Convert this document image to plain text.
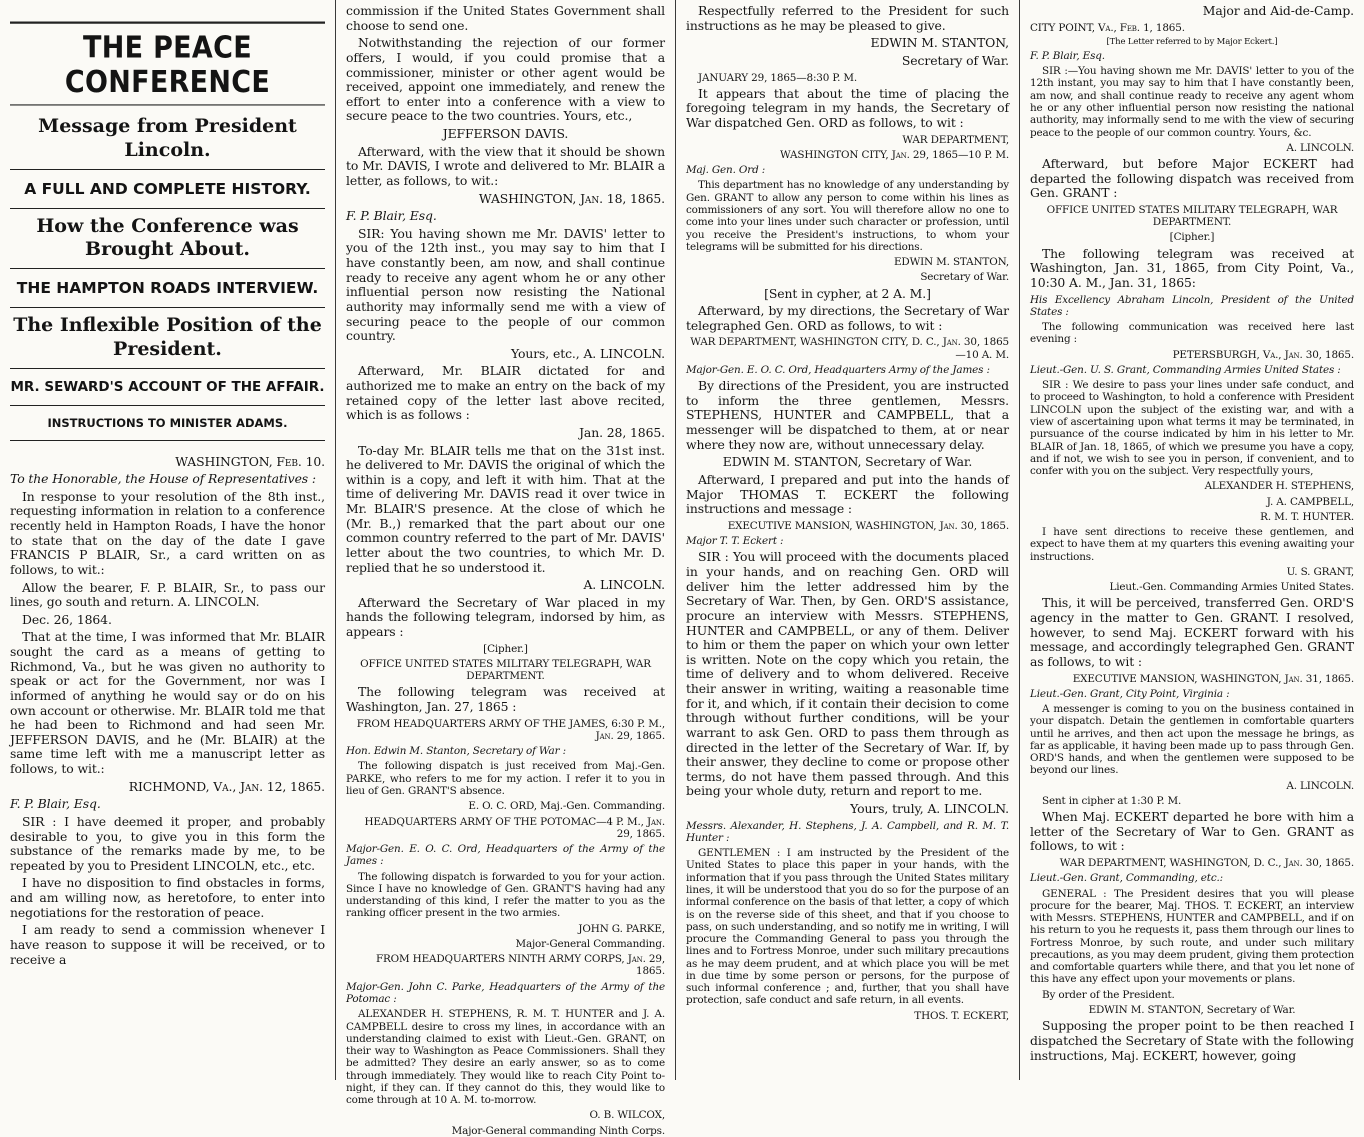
THE PEACE CONFERENCE
Message from President Lincoln.
A FULL AND COMPLETE HISTORY.
How the Conference was Brought About.
THE HAMPTON ROADS INTERVIEW.
The Inflexible Position of the President.
MR. SEWARD'S ACCOUNT OF THE AFFAIR.
INSTRUCTIONS TO MINISTER ADAMS.

WASHINGTON, Feb. 10.

To the Honorable, the House of Representatives :

In response to your resolution of the 8th inst., requesting information in relation to a conference recently held in Hampton Roads, I have the honor to state that on the day of the date I gave FRANCIS P BLAIR, Sr., a card written on as follows, to wit.:

Allow the bearer, F. P. BLAIR, Sr., to pass our lines, go south and return. A. LINCOLN.

Dec. 26, 1864.

That at the time, I was informed that Mr. BLAIR sought the card as a means of getting to Richmond, Va., but he was given no authority to speak or act for the Government, nor was I informed of anything he would say or do on his own account or otherwise. Mr. BLAIR told me that he had been to Richmond and had seen Mr. JEFFERSON DAVIS, and he (Mr. BLAIR) at the same time left with me a manuscript letter as follows, to wit.:

RICHMOND, Va., Jan. 12, 1865.

F. P. Blair, Esq.

SIR : I have deemed it proper, and probably desirable to you, to give you in this form the substance of the remarks made by me, to be repeated by you to President LINCOLN, etc., etc.

I have no disposition to find obstacles in forms, and am willing now, as heretofore, to enter into negotiations for the restoration of peace.

I am ready to send a commission whenever I have reason to suppose it will be received, or to receive a

commission if the United States Government shall choose to send one.

Notwithstanding the rejection of our former offers, I would, if you could promise that a commissioner, minister or other agent would be received, appoint one immediately, and renew the effort to enter into a conference with a view to secure peace to the two countries. Yours, etc.,

JEFFERSON DAVIS.

Afterward, with the view that it should be shown to Mr. DAVIS, I wrote and delivered to Mr. BLAIR a letter, as follows, to wit.:

WASHINGTON, Jan. 18, 1865.

F. P. Blair, Esq.

SIR: You having shown me Mr. DAVIS' letter to you of the 12th inst., you may say to him that I have constantly been, am now, and shall continue ready to receive any agent whom he or any other influential person now resisting the National authority may informally send me with a view of securing peace to the people of our common country.

Yours, etc., A. LINCOLN.

Afterward, Mr. BLAIR dictated for and authorized me to make an entry on the back of my retained copy of the letter last above recited, which is as follows :

Jan. 28, 1865.

To-day Mr. BLAIR tells me that on the 31st inst. he delivered to Mr. DAVIS the original of which the within is a copy, and left it with him. That at the time of delivering Mr. DAVIS read it over twice in Mr. BLAIR'S presence. At the close of which he (Mr. B.,) remarked that the part about our one common country referred to the part of Mr. DAVIS' letter about the two countries, to which Mr. D. replied that he so understood it.

A. LINCOLN.

Afterward the Secretary of War placed in my hands the following telegram, indorsed by him, as appears :

[Cipher.]

OFFICE UNITED STATES MILITARY TELEGRAPH, WAR DEPARTMENT.

The following telegram was received at Washington, Jan. 27, 1865 :

FROM HEADQUARTERS ARMY OF THE JAMES, 6:30 P. M., Jan. 29, 1865.

Hon. Edwin M. Stanton, Secretary of War :

The following dispatch is just received from Maj.-Gen. PARKE, who refers to me for my action. I refer it to you in lieu of Gen. GRANT'S absence.

E. O. C. ORD, Maj.-Gen. Commanding.

HEADQUARTERS ARMY OF THE POTOMAC—4 P. M., Jan. 29, 1865.

Major-Gen. E. O. C. Ord, Headquarters of the Army of the James :

The following dispatch is forwarded to you for your action. Since I have no knowledge of Gen. GRANT'S having had any understanding of this kind, I refer the matter to you as the ranking officer present in the two armies.

JOHN G. PARKE,

Major-General Commanding.

FROM HEADQUARTERS NINTH ARMY CORPS, Jan. 29, 1865.

Major-Gen. John C. Parke, Headquarters of the Army of the Potomac :

ALEXANDER H. STEPHENS, R. M. T. HUNTER and J. A. CAMPBELL desire to cross my lines, in accordance with an understanding claimed to exist with Lieut.-Gen. GRANT, on their way to Washington as Peace Commissioners. Shall they be admitted? They desire an early answer, so as to come through immediately. They would like to reach City Point to-night, if they can. If they cannot do this, they would like to come through at 10 A. M. to-morrow.

O. B. WILCOX,

Major-General commanding Ninth Corps.

Respectfully referred to the President for such instructions as he may be pleased to give.

EDWIN M. STANTON,

Secretary of War.

JANUARY 29, 1865—8:30 P. M.

It appears that about the time of placing the foregoing telegram in my hands, the Secretary of War dispatched Gen. ORD as follows, to wit :

WAR DEPARTMENT,

WASHINGTON CITY, Jan. 29, 1865—10 P. M.

Maj. Gen. Ord :

This department has no knowledge of any understanding by Gen. GRANT to allow any person to come within his lines as commissioners of any sort. You will therefore allow no one to come into your lines under such character or profession, until you receive the President's instructions, to whom your telegrams will be submitted for his directions.

EDWIN M. STANTON,

Secretary of War.

[Sent in cypher, at 2 A. M.]

Afterward, by my directions, the Secretary of War telegraphed Gen. ORD as follows, to wit :

WAR DEPARTMENT, WASHINGTON CITY, D. C., Jan. 30, 1865—10 A. M.

Major-Gen. E. O. C. Ord, Headquarters Army of the James :

By directions of the President, you are instructed to inform the three gentlemen, Messrs. STEPHENS, HUNTER and CAMPBELL, that a messenger will be dispatched to them, at or near where they now are, without unnecessary delay.

EDWIN M. STANTON, Secretary of War.

Afterward, I prepared and put into the hands of Major THOMAS T. ECKERT the following instructions and message :

EXECUTIVE MANSION, WASHINGTON, Jan. 30, 1865.

Major T. T. Eckert :

SIR : You will proceed with the documents placed in your hands, and on reaching Gen. ORD will deliver him the letter addressed him by the Secretary of War. Then, by Gen. ORD'S assistance, procure an interview with Messrs. STEPHENS, HUNTER and CAMPBELL, or any of them. Deliver to him or them the paper on which your own letter is written. Note on the copy which you retain, the time of delivery and to whom delivered. Receive their answer in writing, waiting a reasonable time for it, and which, if it contain their decision to come through without further conditions, will be your warrant to ask Gen. ORD to pass them through as directed in the letter of the Secretary of War. If, by their answer, they decline to come or propose other terms, do not have them passed through. And this being your whole duty, return and report to me.

Yours, truly, A. LINCOLN.

Messrs. Alexander, H. Stephens, J. A. Campbell, and R. M. T. Hunter :

GENTLEMEN : I am instructed by the President of the United States to place this paper in your hands, with the information that if you pass through the United States military lines, it will be understood that you do so for the purpose of an informal conference on the basis of that letter, a copy of which is on the reverse side of this sheet, and that if you choose to pass, on such understanding, and so notify me in writing, I will procure the Commanding General to pass you through the lines and to Fortress Monroe, under such military precautions as he may deem prudent, and at which place you will be met in due time by some person or persons, for the purpose of such informal conference ; and, further, that you shall have protection, safe conduct and safe return, in all events.

THOS. T. ECKERT,

Major and Aid-de-Camp.

CITY POINT, Va., Feb. 1, 1865.

[The Letter referred to by Major Eckert.]

F. P. Blair, Esq.

SIR :—You having shown me Mr. DAVIS' letter to you of the 12th instant, you may say to him that I have constantly been, am now, and shall continue ready to receive any agent whom he or any other influential person now resisting the national authority, may informally send to me with the view of securing peace to the people of our common country. Yours, &c.

A. LINCOLN.

Afterward, but before Major ECKERT had departed the following dispatch was received from Gen. GRANT :

OFFICE UNITED STATES MILITARY TELEGRAPH, WAR DEPARTMENT.

[Cipher.]

The following telegram was received at Washington, Jan. 31, 1865, from City Point, Va., 10:30 A. M., Jan. 31, 1865:

His Excellency Abraham Lincoln, President of the United States :

The following communication was received here last evening :

PETERSBURGH, Va., Jan. 30, 1865.

Lieut.-Gen. U. S. Grant, Commanding Armies United States :

SIR : We desire to pass your lines under safe conduct, and to proceed to Washington, to hold a conference with President LINCOLN upon the subject of the existing war, and with a view of ascertaining upon what terms it may be terminated, in pursuance of the course indicated by him in his letter to Mr. BLAIR of Jan. 18, 1865, of which we presume you have a copy, and if not, we wish to see you in person, if convenient, and to confer with you on the subject. Very respectfully yours,

ALEXANDER H. STEPHENS,

J. A. CAMPBELL,

R. M. T. HUNTER.

I have sent directions to receive these gentlemen, and expect to have them at my quarters this evening awaiting your instructions.

U. S. GRANT,

Lieut.-Gen. Commanding Armies United States.

This, it will be perceived, transferred Gen. ORD'S agency in the matter to Gen. GRANT. I resolved, however, to send Maj. ECKERT forward with his message, and accordingly telegraphed Gen. GRANT as follows, to wit :

EXECUTIVE MANSION, WASHINGTON, Jan. 31, 1865.

Lieut.-Gen. Grant, City Point, Virginia :

A messenger is coming to you on the business contained in your dispatch. Detain the gentlemen in comfortable quarters until he arrives, and then act upon the message he brings, as far as applicable, it having been made up to pass through Gen. ORD'S hands, and when the gentlemen were supposed to be beyond our lines.

A. LINCOLN.

Sent in cipher at 1:30 P. M.

When Maj. ECKERT departed he bore with him a letter of the Secretary of War to Gen. GRANT as follows, to wit :

WAR DEPARTMENT, WASHINGTON, D. C., Jan. 30, 1865.

Lieut.-Gen. Grant, Commanding, etc.:

GENERAL : The President desires that you will please procure for the bearer, Maj. THOS. T. ECKERT, an interview with Messrs. STEPHENS, HUNTER and CAMPBELL, and if on his return to you he requests it, pass them through our lines to Fortress Monroe, by such route, and under such military precautions, as you may deem prudent, giving them protection and comfortable quarters while there, and that you let none of this have any effect upon your movements or plans.

By order of the President.

EDWIN M. STANTON, Secretary of War.

Supposing the proper point to be then reached I dispatched the Secretary of State with the following instructions, Maj. ECKERT, however, going
